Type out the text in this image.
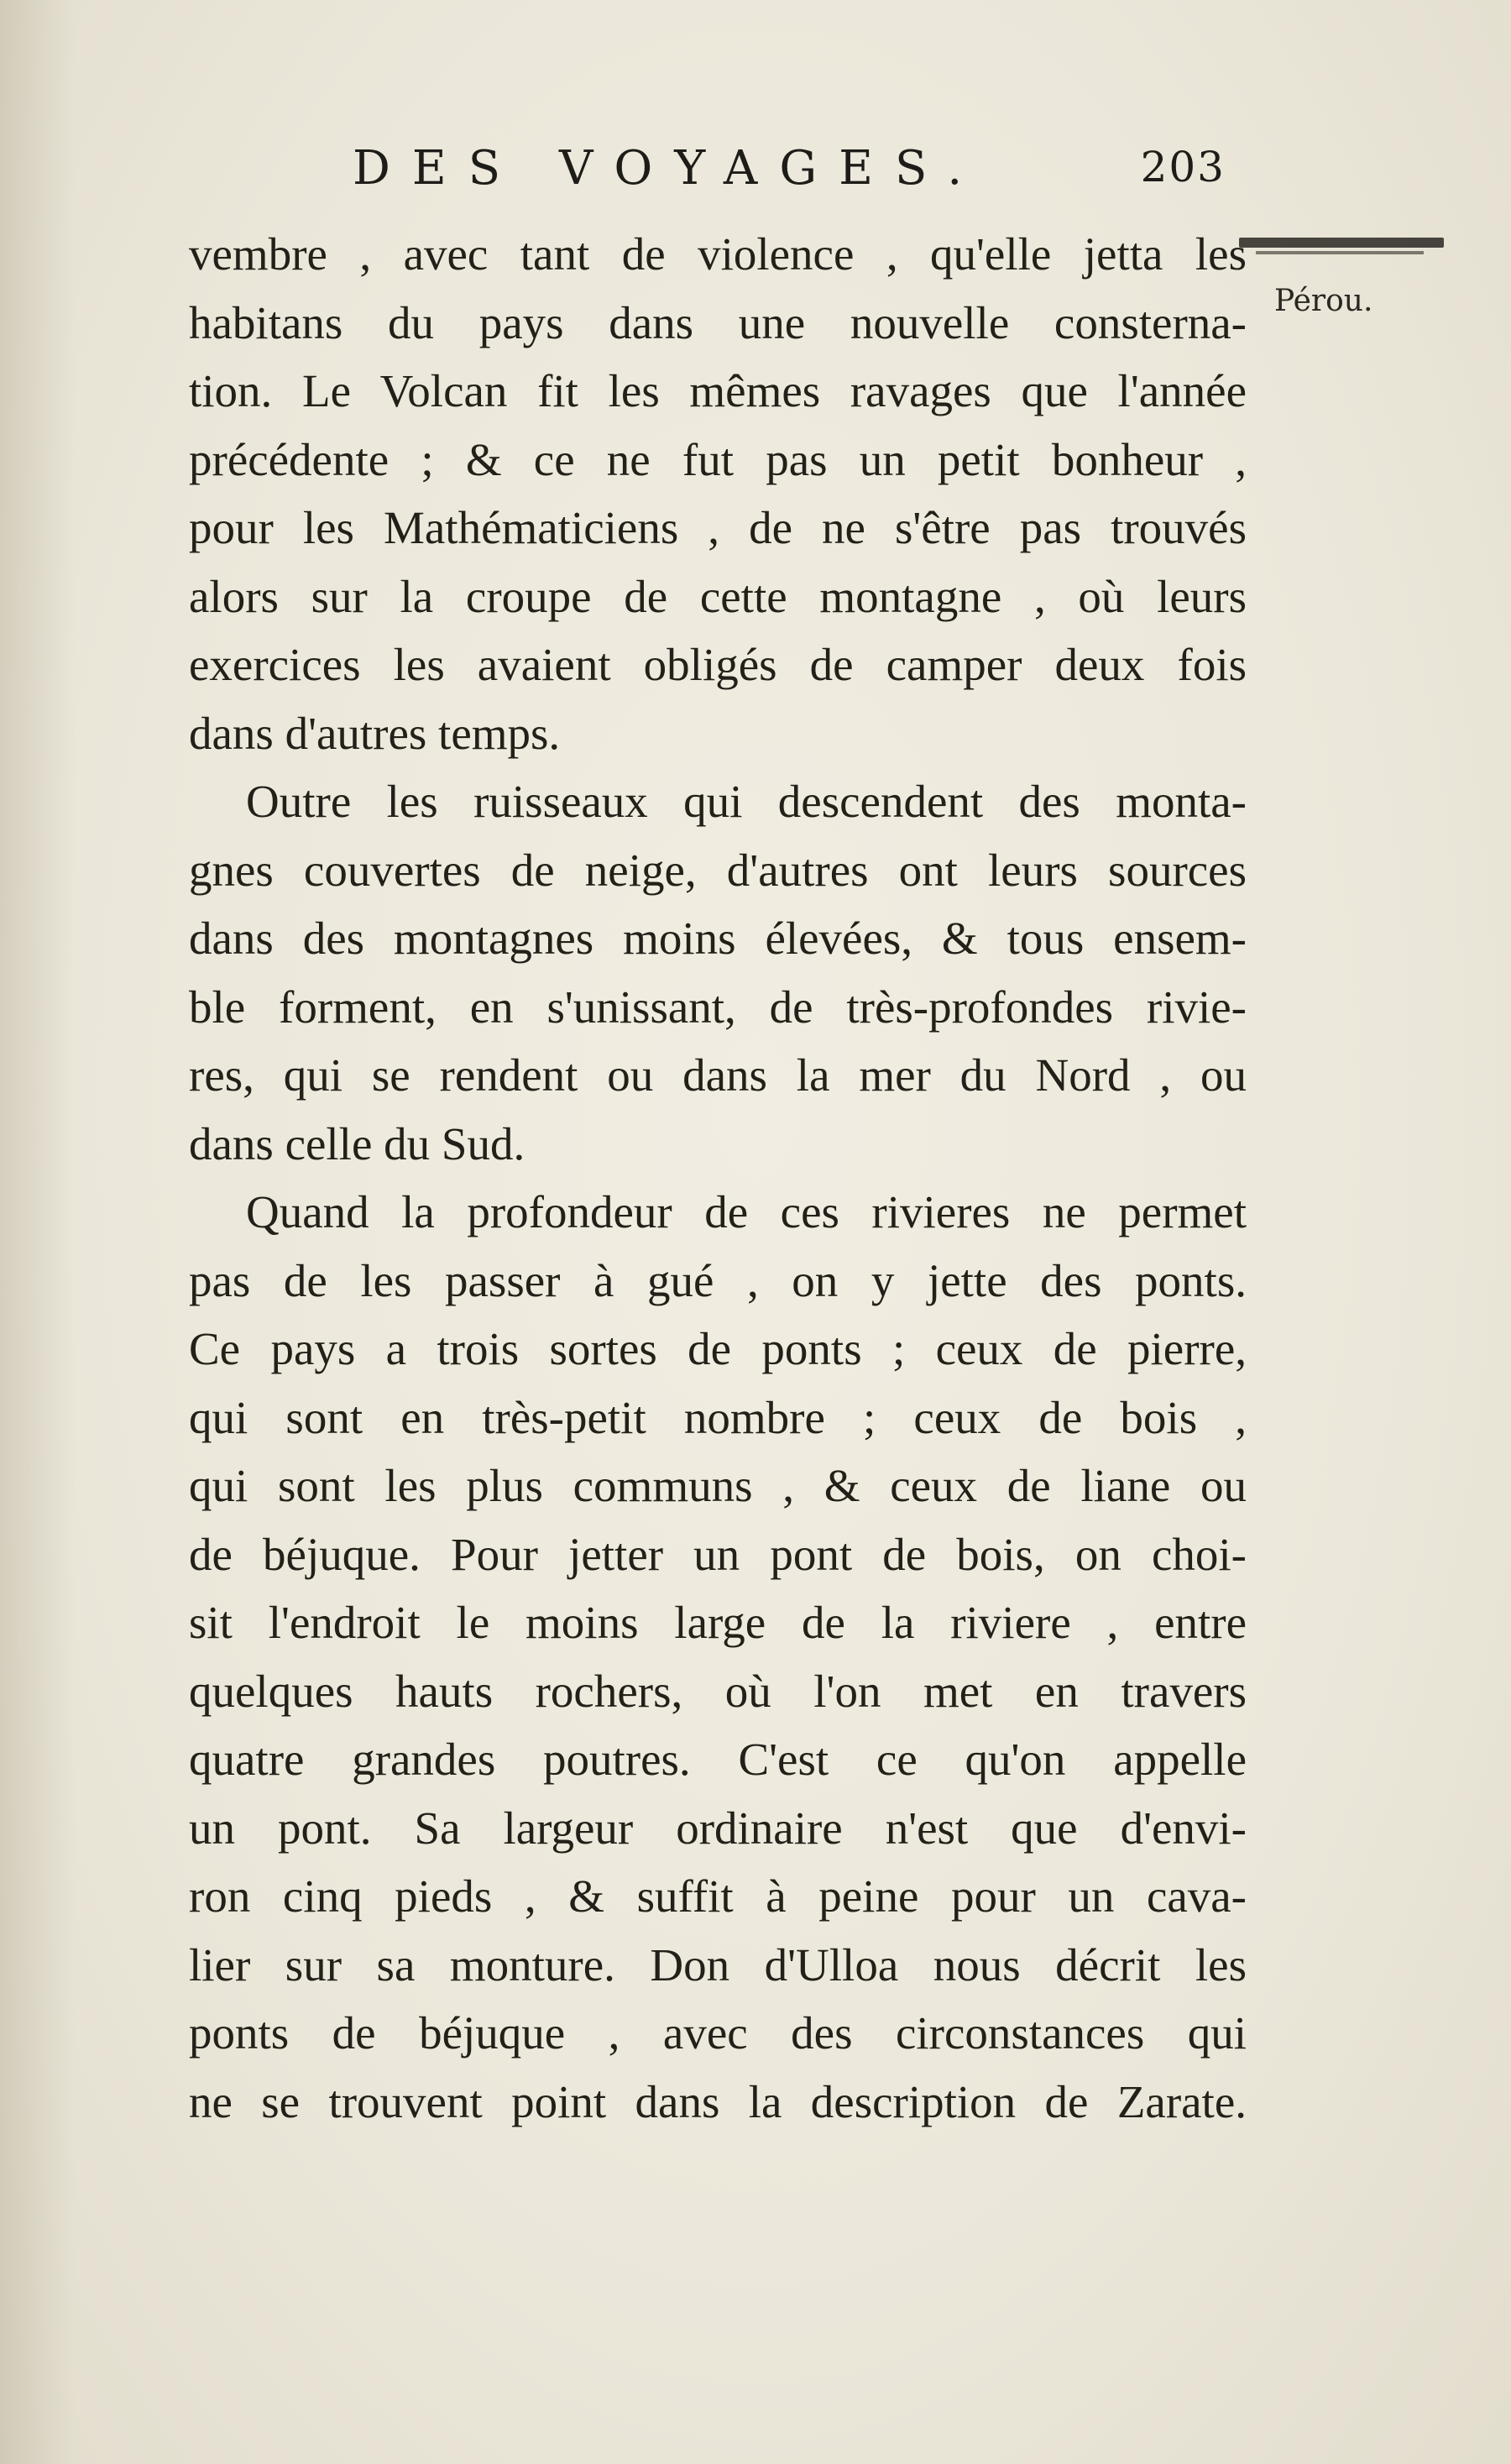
DES VOYAGES.	203
Pérou.
vembre , avec tant de violence , qu'elle jetta les
habitans du pays dans une nouvelle consterna-
tion. Le Volcan fit les mêmes ravages que l'année
précédente ; & ce ne fut pas un petit bonheur ,
pour les Mathématiciens , de ne s'être pas trouvés
alors sur la croupe de cette montagne , où leurs
exercices les avaient obligés de camper deux fois
dans d'autres temps.
Outre les ruisseaux qui descendent des monta-
gnes couvertes de neige, d'autres ont leurs sources
dans des montagnes moins élevées, & tous ensem-
ble forment, en s'unissant, de très-profondes rivie-
res, qui se rendent ou dans la mer du Nord , ou
dans celle du Sud.
Quand la profondeur de ces rivieres ne permet
pas de les passer à gué , on y jette des ponts.
Ce pays a trois sortes de ponts ; ceux de pierre,
qui sont en très-petit nombre ; ceux de bois ,
qui sont les plus communs , & ceux de liane ou
de béjuque. Pour jetter un pont de bois, on choi-
sit l'endroit le moins large de la riviere , entre
quelques hauts rochers, où l'on met en travers
quatre grandes poutres. C'est ce qu'on appelle
un pont. Sa largeur ordinaire n'est que d'envi-
ron cinq pieds , & suffit à peine pour un cava-
lier sur sa monture. Don d'Ulloa nous décrit les
ponts de béjuque , avec des circonstances qui
ne se trouvent point dans la description de Zarate.
